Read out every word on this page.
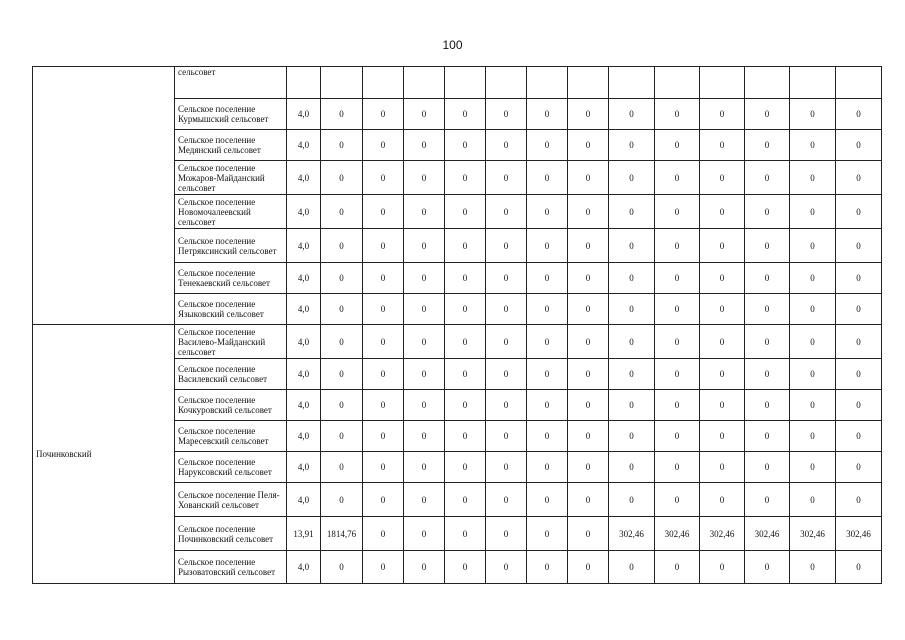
100
	сельсовет														
	Сельское поселение Курмышский сельсовет	4,0	0	0	0	0	0	0	0	0	0	0	0	0	0
	Сельское поселение Медянский сельсовет	4,0	0	0	0	0	0	0	0	0	0	0	0	0	0
	Сельское поселение Можаров-Майданский сельсовет	4,0	0	0	0	0	0	0	0	0	0	0	0	0	0
	Сельское поселение Новомочалеевский сельсовет	4,0	0	0	0	0	0	0	0	0	0	0	0	0	0
	Сельское поселение Петряксинский сельсовет	4,0	0	0	0	0	0	0	0	0	0	0	0	0	0
	Сельское поселение Тенекаевский сельсовет	4,0	0	0	0	0	0	0	0	0	0	0	0	0	0
	Сельское поселение Языковский сельсовет	4,0	0	0	0	0	0	0	0	0	0	0	0	0	0
Починковский	Сельское поселение Василево-Майданский сельсовет	4,0	0	0	0	0	0	0	0	0	0	0	0	0	0
	Сельское поселение Василевский сельсовет	4,0	0	0	0	0	0	0	0	0	0	0	0	0	0
	Сельское поселение Кочкуровский сельсовет	4,0	0	0	0	0	0	0	0	0	0	0	0	0	0
	Сельское поселение Маресевский сельсовет	4,0	0	0	0	0	0	0	0	0	0	0	0	0	0
	Сельское поселение Наруксовский сельсовет	4,0	0	0	0	0	0	0	0	0	0	0	0	0	0
	Сельское поселение Пеля-Хованский сельсовет	4,0	0	0	0	0	0	0	0	0	0	0	0	0	0
	Сельское поселение Починковский сельсовет	13,91	1814,76	0	0	0	0	0	0	302,46	302,46	302,46	302,46	302,46	302,46
	Сельское поселение Рызоватовский сельсовет	4,0	0	0	0	0	0	0	0	0	0	0	0	0	0
